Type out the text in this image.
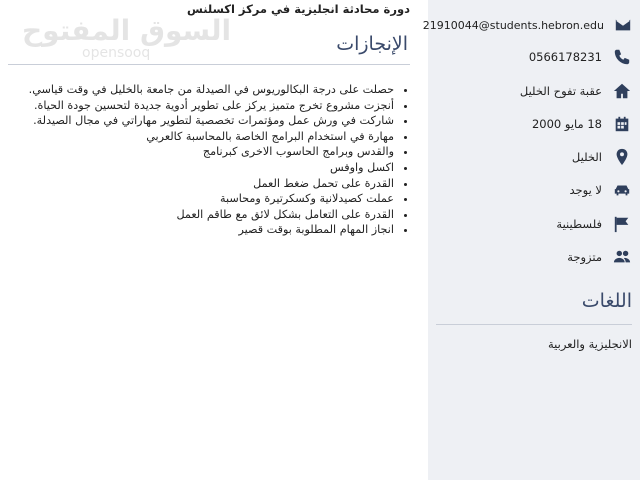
السوق المفتوح
opensooq
دورة محادثة انجليزية في مركز اكسلنس
الإنجازات
• حصلت على درجة البكالوريوس في الصيدلة من جامعة بالخليل في وقت قياسي.
• أنجزت مشروع تخرج متميز يركز على تطوير أدوية جديدة لتحسين جودة الحياة.
• شاركت في ورش عمل ومؤتمرات تخصصية لتطوير مهاراتي في مجال الصيدلة.
• مهارة في استخدام البرامج الخاصة بالمحاسبة كالعربي
• والقدس وبرامج الحاسوب الاخرى كبرنامج
• اكسل واوفس
• القدرة على تحمل ضغط العمل
• عملت كصيدلانية وكسكرتيرة ومحاسبة
• القدرة على التعامل بشكل لائق مع طاقم العمل
• انجاز المهام المطلوبة بوقت قصير
21910044@students.hebron.edu
0566178231
عقبة تفوح الخليل
18 مايو 2000
الخليل
لا يوجد
فلسطينية
متزوجة
اللغات
الانجليزية والعربية
